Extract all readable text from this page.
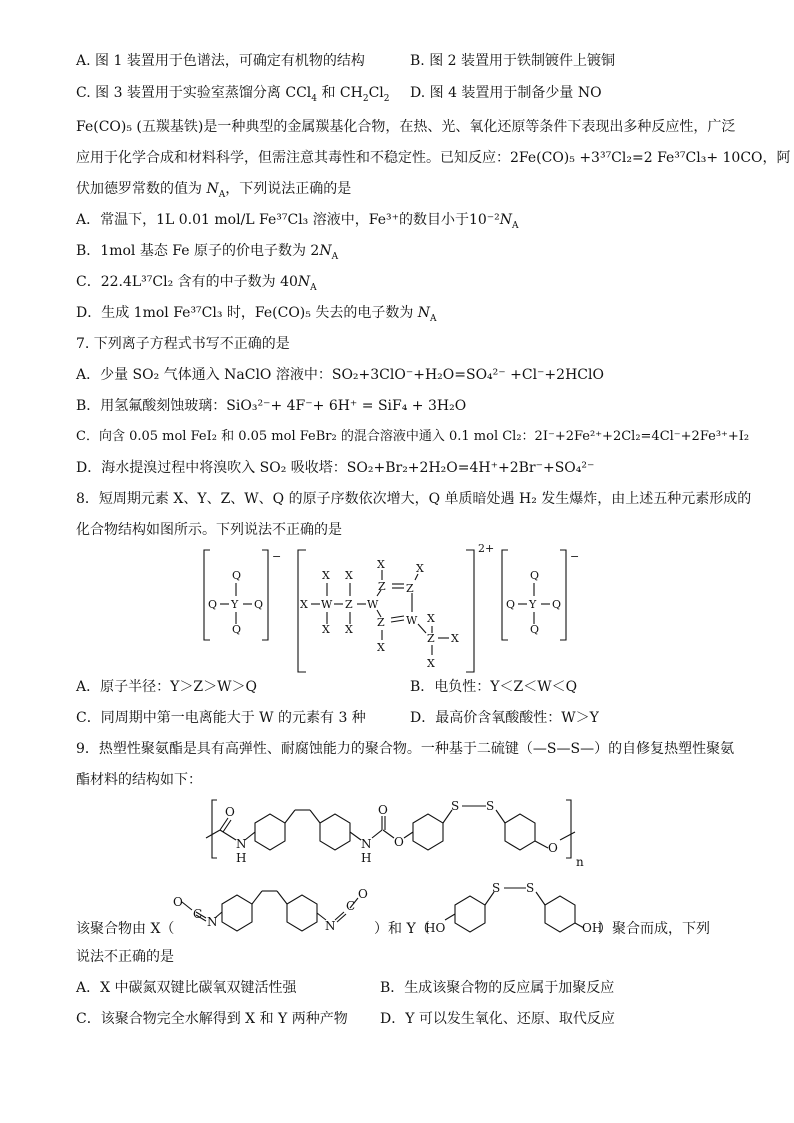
A. 图 1 装置用于色谱法，可确定有机物的结构	B. 图 2 装置用于铁制镀件上镀铜
C. 图 3 装置用于实验室蒸馏分离 CCl$_4$ 和 $CH_2Cl_2$ D. 图 4 装置用于制备少量 NO
Fe(CO)₅ (五羰基铁)是一种典型的金属羰基化合物，在热、光、氧化还原等条件下表现出多种反应性，广泛
应用于化学合成和材料科学，但需注意其毒性和不稳定性。已知反应：2Fe(CO)₅ +3³⁷Cl₂=2 Fe³⁷Cl₃+ 10CO，阿
伏加德罗常数的值为 $N_A$，下列说法正确的是
A．常温下，1L 0.01 mol/L Fe³⁷Cl₃ 溶液中，Fe³⁺的数目小于$10^{-2}N_A$
B．1mol 基态 Fe 原子的价电子数为 $2N_A$
C．22.4L³⁷Cl₂ 含有的中子数为 $40N_A$
D．生成 1mol Fe³⁷Cl₃ 时，Fe(CO)₅ 失去的电子数为 $N_A$
7. 下列离子方程式书写不正确的是
A．少量 SO₂ 气体通入 NaClO 溶液中：SO₂+3ClO⁻+H₂O=SO₄²⁻ +Cl⁻+2HClO
B．用氢氟酸刻蚀玻璃：SiO₃²⁻+ 4F⁻+ 6H⁺ = SiF₄ + 3H₂O
C．向含 0.05 mol FeI₂ 和 0.05 mol FeBr₂ 的混合溶液中通入 0.1 mol Cl₂：2I⁻+2Fe²⁺+2Cl₂=4Cl⁻+2Fe³⁺+I₂
D．海水提溴过程中将溴吹入 SO₂ 吸收塔：SO₂+Br₂+2H₂O=4H⁺+2Br⁻+SO₄²⁻
8．短周期元素 X、Y、Z、W、Q 的原子序数依次增大，Q 单质暗处遇 H₂ 发生爆炸，由上述五种元素形成的
化合物结构如图所示。下列说法不正确的是
−
Q
Q Y Q
Q
X X
X W Z W
X X
X
Z Z
X
Z W
X
X
Z X
X
2+
Q
Q Y Q
Q
−
A．原子半径：Y＞Z＞W＞Q	B．电负性：Y＜Z＜W＜Q
C．同周期中第一电离能大于 W 的元素有 3 种	D．最高价含氧酸酸性：W＞Y
9．热塑性聚氨酯是具有高弹性、耐腐蚀能力的聚合物。一种基于二硫键（—S—S—）的自修复热塑性聚氨
酯材料的结构如下：
O
N
H
N
H
O
O
S S
O
n
O
C
N	N
C
O
HO
S S
OH
该聚合物由 X（	）和 Y（	）聚合而成，下列
说法不正确的是
A．X 中碳氮双键比碳氧双键活性强	B．生成该聚合物的反应属于加聚反应
C．该聚合物完全水解得到 X 和 Y 两种产物 D．Y 可以发生氧化、还原、取代反应
